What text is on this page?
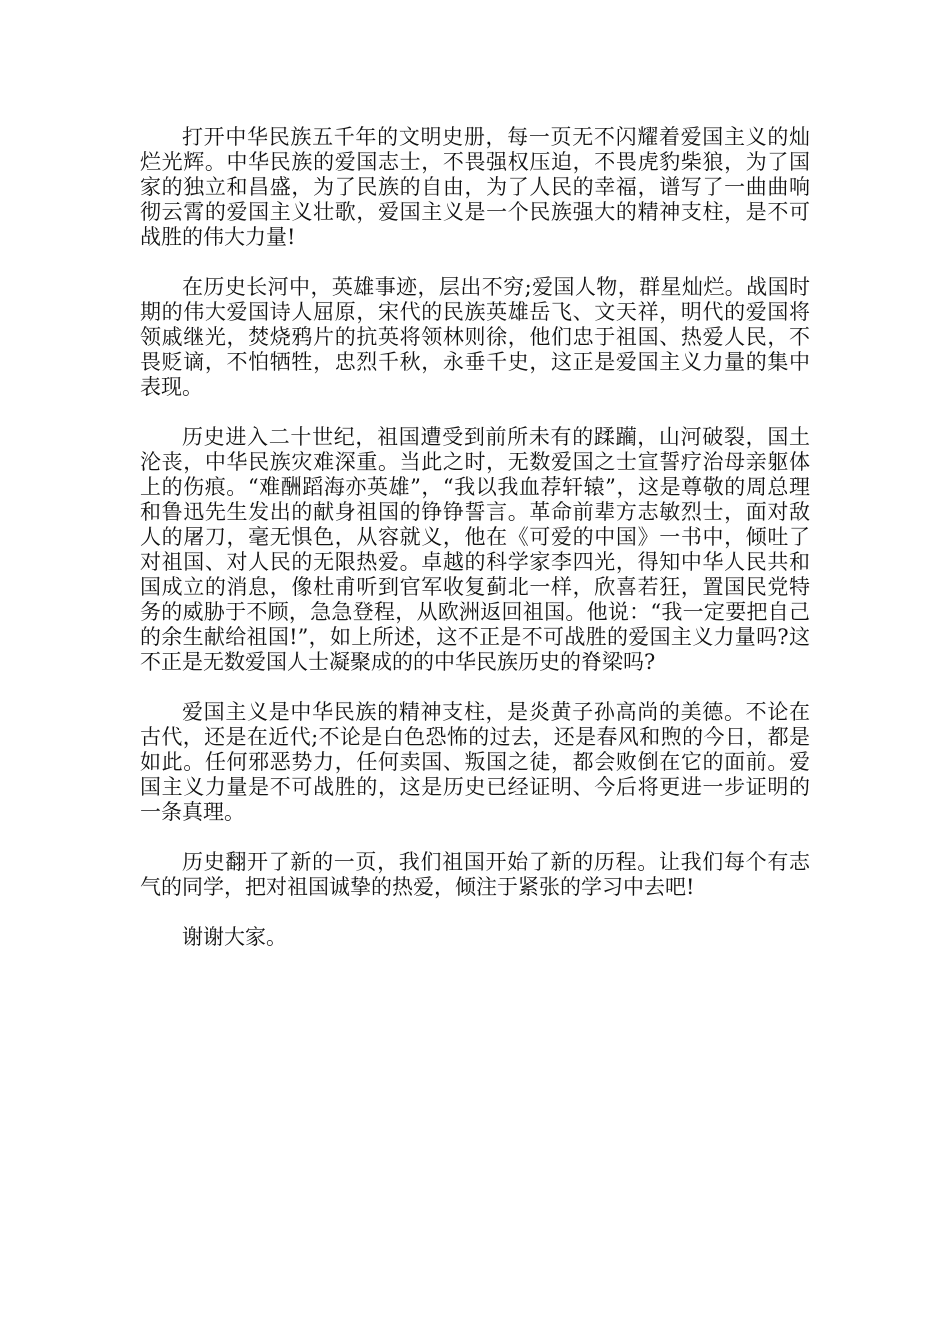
打开中华民族五千年的文明史册，每一页无不闪耀着爱国主义的灿烂光辉。中华民族的爱国志士，不畏强权压迫，不畏虎豹柴狼，为了国家的独立和昌盛，为了民族的自由，为了人民的幸福，谱写了一曲曲响彻云霄的爱国主义壮歌，爱国主义是一个民族强大的精神支柱，是不可战胜的伟大力量!

在历史长河中，英雄事迹，层出不穷;爱国人物，群星灿烂。战国时期的伟大爱国诗人屈原，宋代的民族英雄岳飞、文天祥，明代的爱国将领戚继光，焚烧鸦片的抗英将领林则徐，他们忠于祖国、热爱人民，不畏贬谪，不怕牺牲，忠烈千秋，永垂千史，这正是爱国主义力量的集中表现。

历史进入二十世纪，祖国遭受到前所未有的蹂躏，山河破裂，国土沦丧，中华民族灾难深重。当此之时，无数爱国之士宣誓疗治母亲躯体上的伤痕。“难酬蹈海亦英雄”，“我以我血荐轩辕”，这是尊敬的周总理和鲁迅先生发出的献身祖国的铮铮誓言。革命前辈方志敏烈士，面对敌人的屠刀，毫无惧色，从容就义，他在《可爱的中国》一书中，倾吐了对祖国、对人民的无限热爱。卓越的科学家李四光，得知中华人民共和国成立的消息，像杜甫听到官军收复蓟北一样，欣喜若狂，置国民党特务的威胁于不顾，急急登程，从欧洲返回祖国。他说：“我一定要把自己的余生献给祖国!”，如上所述，这不正是不可战胜的爱国主义力量吗?这不正是无数爱国人士凝聚成的的中华民族历史的脊梁吗?

爱国主义是中华民族的精神支柱，是炎黄子孙高尚的美德。不论在古代，还是在近代;不论是白色恐怖的过去，还是春风和煦的今日，都是如此。任何邪恶势力，任何卖国、叛国之徒，都会败倒在它的面前。爱国主义力量是不可战胜的，这是历史已经证明、今后将更进一步证明的一条真理。

历史翻开了新的一页，我们祖国开始了新的历程。让我们每个有志气的同学，把对祖国诚挚的热爱，倾注于紧张的学习中去吧!

谢谢大家。
